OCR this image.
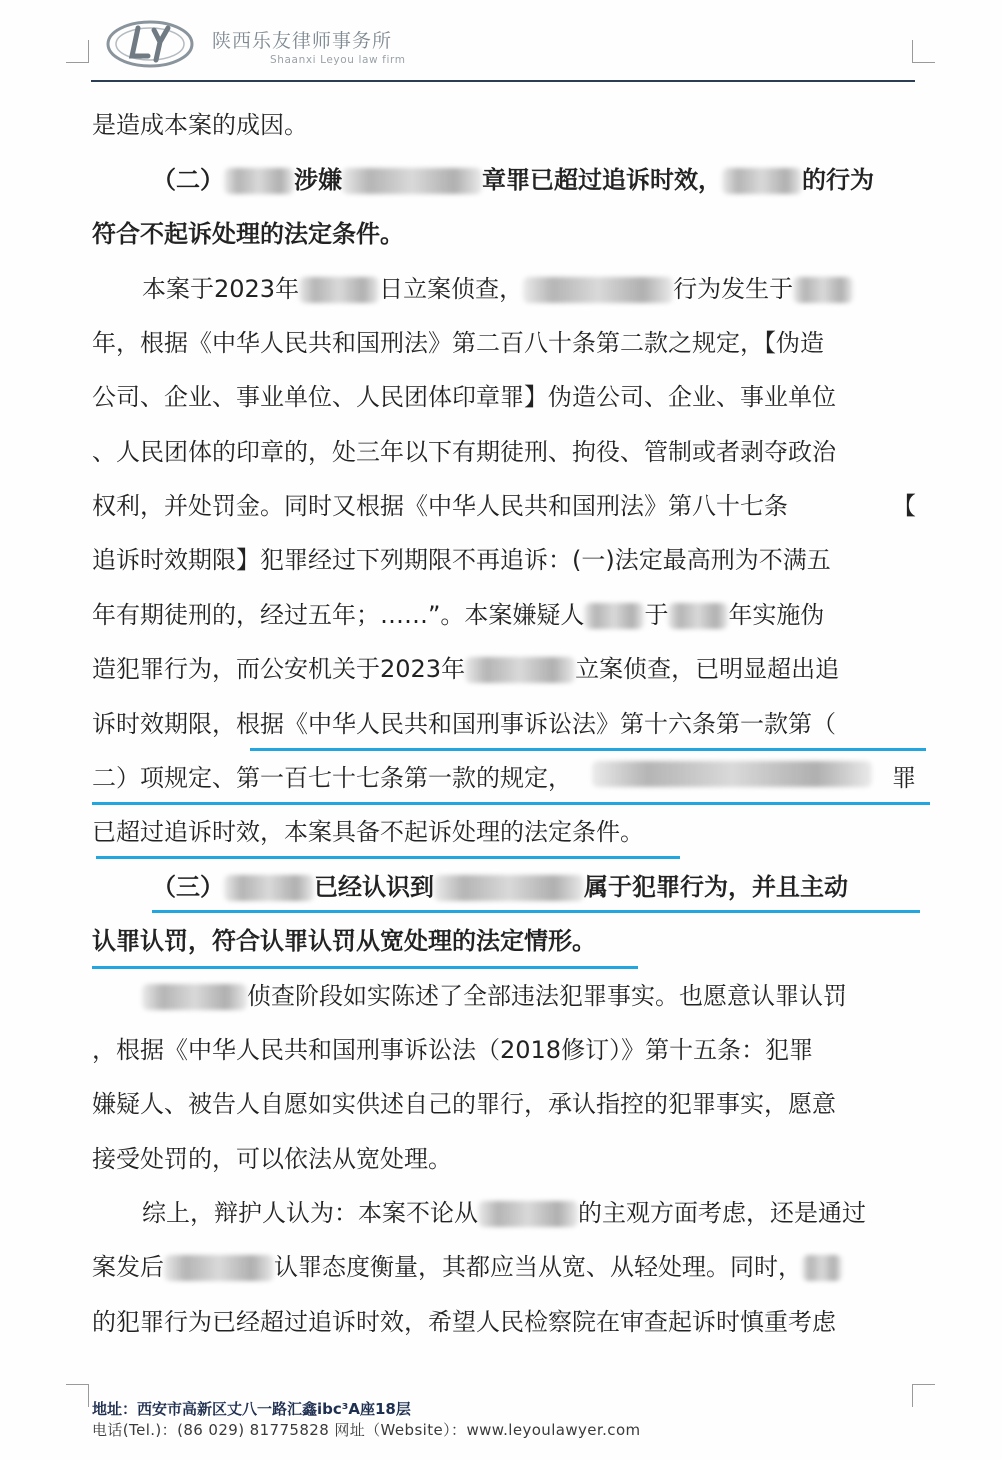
陕西乐友律师事务所
Shaanxi Leyou law firm
是造成本案的成因。
（二）	涉嫌	章罪已超过追诉时效，	的行为
符合不起诉处理的法定条件。
本案于2023年	日立案侦查，	行为发生于
年，根据《中华人民共和国刑法》第二百八十条第二款之规定，【伪造
公司、企业、事业单位、人民团体印章罪】伪造公司、企业、事业单位
、人民团体的印章的，处三年以下有期徒刑、拘役、管制或者剥夺政治
权利，并处罚金。同时又根据《中华人民共和国刑法》第八十七条	【
追诉时效期限】犯罪经过下列期限不再追诉：(一)法定最高刑为不满五
年有期徒刑的，经过五年；……”。本案嫌疑人	于	年实施伪
造犯罪行为，而公安机关于2023年	立案侦查，已明显超出追
诉时效期限，根据《中华人民共和国刑事诉讼法》第十六条第一款第（
二）项规定、第一百七十七条第一款的规定，	罪
已超过追诉时效，本案具备不起诉处理的法定条件。
（三）	已经认识到	属于犯罪行为，并且主动
认罪认罚，符合认罪认罚从宽处理的法定情形。
侦查阶段如实陈述了全部违法犯罪事实。也愿意认罪认罚
，根据《中华人民共和国刑事诉讼法（2018修订）》第十五条：犯罪
嫌疑人、被告人自愿如实供述自己的罪行，承认指控的犯罪事实，愿意
接受处罚的，可以依法从宽处理。
综上，辩护人认为：本案不论从	的主观方面考虑，还是通过
案发后	认罪态度衡量，其都应当从宽、从轻处理。同时，
的犯罪行为已经超过追诉时效，希望人民检察院在审查起诉时慎重考虑
地址：西安市高新区丈八一路汇鑫ibc³A座18层
电话(Tel.)：(86 029) 81775828 网址（Website）：www.leyoulawyer.com
